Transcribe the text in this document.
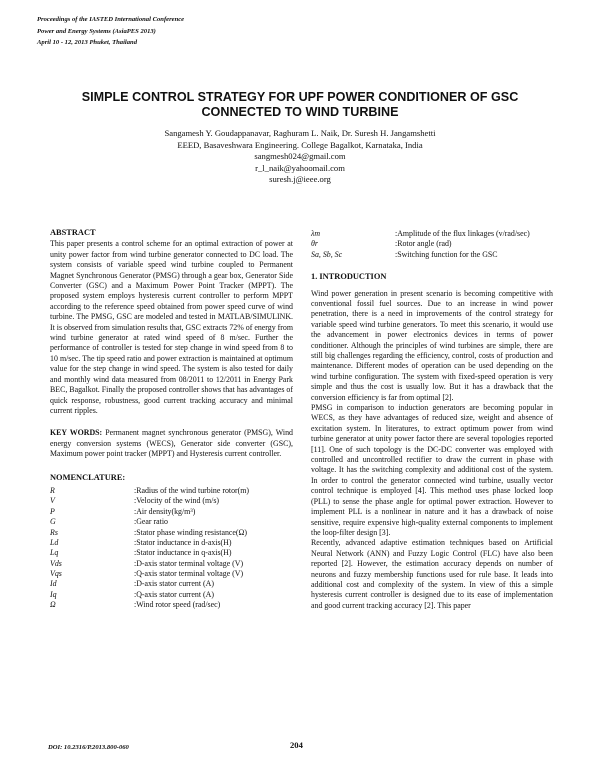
Proceedings of the IASTED International Conference
Power and Energy Systems (AsiaPES 2013)
April 10 - 12, 2013 Phuket, Thailand
SIMPLE CONTROL STRATEGY FOR UPF POWER CONDITIONER OF GSC
CONNECTED TO WIND TURBINE
Sangamesh Y. Goudappanavar, Raghuram L. Naik, Dr. Suresh H. Jangamshetti
EEED, Basaveshwara Engineering. College Bagalkot, Karnataka, India
sangmesh024@gmail.com
r_l_naik@yahoomail.com
suresh.j@ieee.org

ABSTRACT

This paper presents a control scheme for an optimal extraction of power at unity power factor from wind turbine generator connected to DC load. The system consists of variable speed wind turbine coupled to Permanent Magnet Synchronous Generator (PMSG) through a gear box, Generator Side Converter (GSC) and a Maximum Power Point Tracker (MPPT). The proposed system employs hysteresis current controller to perform MPPT according to the reference speed obtained from power speed curve of wind turbine. The PMSG, GSC are modeled and tested in MATLAB/SIMULINK. It is observed from simulation results that, GSC extracts 72% of energy from wind turbine generator at rated wind speed of 8 m/sec. Further the performance of controller is tested for step change in wind speed from 8 to 10 m/sec. The tip speed ratio and power extraction is maintained at optimum value for the step change in wind speed. The system is also tested for daily and monthly wind data measured from 08/2011 to 12/2011 in Energy Park BEC, Bagalkot. Finally the proposed controller shows that has advantages of quick response, robustness, good current tracking accuracy and minimal current ripples.

KEY WORDS: Permanent magnet synchronous generator (PMSG), Wind energy conversion systems (WECS), Generator side converter (GSC), Maximum power point tracker (MPPT) and Hysteresis current controller.

NOMENCLATURE:

R	:Radius of the wind turbine rotor(m)
V	:Velocity of the wind (m/s)
P	:Air density(kg/m³)
G	:Gear ratio
Rs	:Stator phase winding resistance(Ω)
Ld	:Stator inductance in d-axis(H)
Lq	:Stator inductance in q-axis(H)
Vds	:D-axis stator terminal voltage (V)
Vqs	:Q-axis stator terminal voltage (V)
Id	:D-axis stator current (A)
Iq	:Q-axis stator current (A)
Ω	:Wind rotor speed (rad/sec)
λm	:Amplitude of the flux linkages (v/rad/sec)
θr	:Rotor angle (rad)
Sa, Sb, Sc	:Switching function for the GSC

1. INTRODUCTION

Wind power generation in present scenario is becoming competitive with conventional fossil fuel sources. Due to an increase in wind power penetration, there is a need in improvements of the control strategy for variable speed wind turbine generators. To meet this scenario, it would use the advancement in power electronics devices in terms of power conditioner. Although the principles of wind turbines are simple, there are still big challenges regarding the efficiency, control, costs of production and maintenance. Different modes of operation can be used depending on the wind turbine configuration. The system with fixed-speed operation is very simple and thus the cost is usually low. But it has a drawback that the conversion efficiency is far from optimal [2].

PMSG in comparison to induction generators are becoming popular in WECS, as they have advantages of reduced size, weight and absence of excitation system. In literatures, to extract optimum power from wind turbine generator at unity power factor there are several topologies reported [11]. One of such topology is the DC-DC converter was employed with controlled and uncontrolled rectifier to draw the current in phase with voltage. It has the switching complexity and additional cost of the system. In order to control the generator connected wind turbine, usually vector control technique is employed [4]. This method uses phase locked loop (PLL) to sense the phase angle for optimal power extraction. However to implement PLL is a nonlinear in nature and it has a drawback of noise sensitive, require expensive high-quality external components to implement the loop-filter design [3].

Recently, advanced adaptive estimation techniques based on Artificial Neural Network (ANN) and Fuzzy Logic Control (FLC) have also been reported [2]. However, the estimation accuracy depends on number of neurons and fuzzy membership functions used for rule base. It leads into additional cost and complexity of the system. In view of this a simple hysteresis current controller is designed due to its ease of implementation and good current tracking accuracy [2]. This paper

DOI: 10.2316/P.2013.800-060	204
